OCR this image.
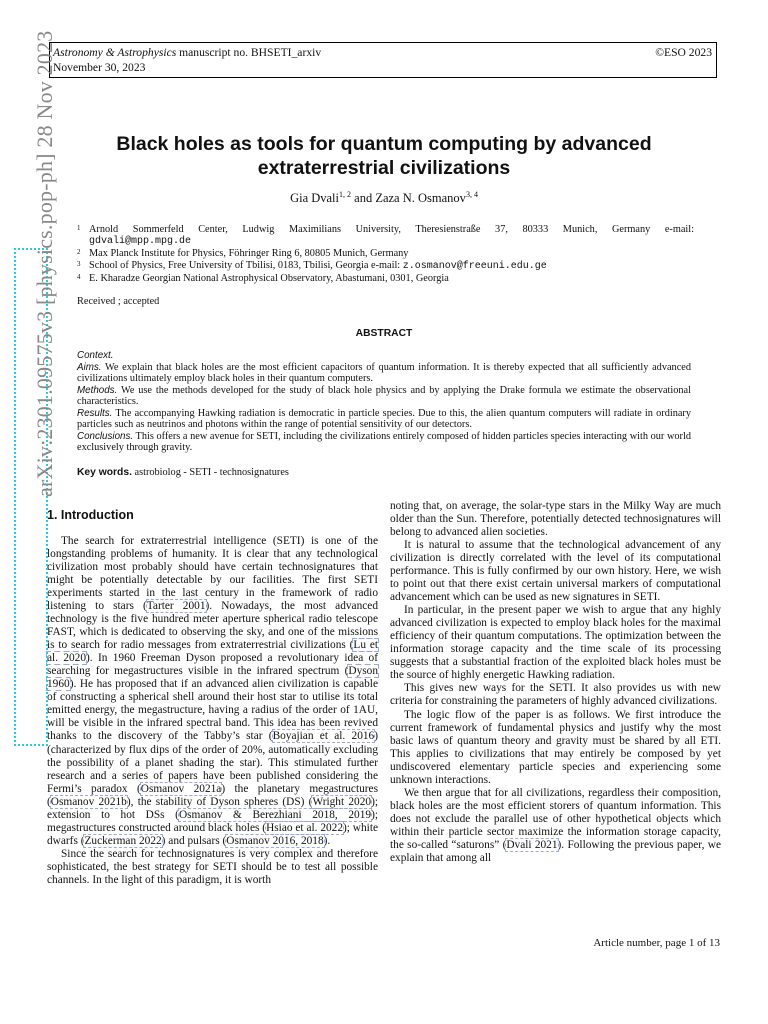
Astronomy & Astrophysics manuscript no. BHSETI_arxiv
November 30, 2023
©ESO 2023
Black holes as tools for quantum computing by advanced
extraterrestrial civilizations
Gia Dvali$^{1, 2}$ and Zaza N. Osmanov$^{3, 4}$
1 Arnold Sommerfeld Center, Ludwig Maximilians University, Theresienstraße 37, 80333 Munich, Germany e-mail:
gdvali@mpp.mpg.de
2 Max Planck Institute for Physics, Föhringer Ring 6, 80805 Munich, Germany
3 School of Physics, Free University of Tbilisi, 0183, Tbilisi, Georgia e-mail: z.osmanov@freeuni.edu.ge
4 E. Kharadze Georgian National Astrophysical Observatory, Abastumani, 0301, Georgia
Received ; accepted
ABSTRACT

Context.

Aims. We explain that black holes are the most efficient capacitors of quantum information. It is thereby expected that all sufficiently advanced civilizations ultimately employ black holes in their quantum computers.

Methods. We use the methods developed for the study of black hole physics and by applying the Drake formula we estimate the observational characteristics.

Results. The accompanying Hawking radiation is democratic in particle species. Due to this, the alien quantum computers will radiate in ordinary particles such as neutrinos and photons within the range of potential sensitivity of our detectors.

Conclusions. This offers a new avenue for SETI, including the civilizations entirely composed of hidden particles species interacting with our world exclusively through gravity.

Key words. astrobiolog - SETI - technosignatures
1. Introduction

The search for extraterrestrial intelligence (SETI) is one of the longstanding problems of humanity. It is clear that any technological civilization most probably should have certain technosignatures that might be potentially detectable by our facilities. The first SETI experiments started in the last century in the framework of radio listening to stars (Tarter 2001). Nowadays, the most advanced technology is the five hundred meter aperture spherical radio telescope FAST, which is dedicated to observing the sky, and one of the missions is to search for radio messages from extraterrestrial civilizations (Lu et al. 2020). In 1960 Freeman Dyson proposed a revolutionary idea of searching for megastructures visible in the infrared spectrum (Dyson 1960). He has proposed that if an advanced alien civilization is capable of constructing a spherical shell around their host star to utilise its total emitted energy, the megastructure, having a radius of the order of 1AU, will be visible in the infrared spectral band. This idea has been revived thanks to the discovery of the Tabby’s star (Boyajian et al. 2016) (characterized by flux dips of the order of 20%, automatically excluding the possibility of a planet shading the star). This stimulated further research and a series of papers have been published considering the Fermi’s paradox (Osmanov 2021a) the planetary megastructures (Osmanov 2021b), the stability of Dyson spheres (DS) (Wright 2020); extension to hot DSs (Osmanov & Berezhiani 2018, 2019); megastructures constructed around black holes (Hsiao et al. 2022); white dwarfs (Zuckerman 2022) and pulsars (Osmanov 2016, 2018).

Since the search for technosignatures is very complex and therefore sophisticated, the best strategy for SETI should be to test all possible channels. In the light of this paradigm, it is worth

noting that, on average, the solar-type stars in the Milky Way are much older than the Sun. Therefore, potentially detected technosignatures will belong to advanced alien societies.

It is natural to assume that the technological advancement of any civilization is directly correlated with the level of its computational performance. This is fully confirmed by our own history. Here, we wish to point out that there exist certain universal markers of computational advancement which can be used as new signatures in SETI.

In particular, in the present paper we wish to argue that any highly advanced civilization is expected to employ black holes for the maximal efficiency of their quantum computations. The optimization between the information storage capacity and the time scale of its processing suggests that a substantial fraction of the exploited black holes must be the source of highly energetic Hawking radiation.

This gives new ways for the SETI. It also provides us with new criteria for constraining the parameters of highly advanced civilizations.

The logic flow of the paper is as follows. We first introduce the current framework of fundamental physics and justify why the most basic laws of quantum theory and gravity must be shared by all ETI. This applies to civilizations that may entirely be composed by yet undiscovered elementary particle species and experiencing some unknown interactions.

We then argue that for all civilizations, regardless their composition, black holes are the most efficient storers of quantum information. This does not exclude the parallel use of other hypothetical objects which within their particle sector maximize the information storage capacity, the so-called “saturons” (Dvali 2021). Following the previous paper, we explain that among all

arXiv:2301.09575v3 [physics.pop-ph] 28 Nov 2023
Article number, page 1 of 13
